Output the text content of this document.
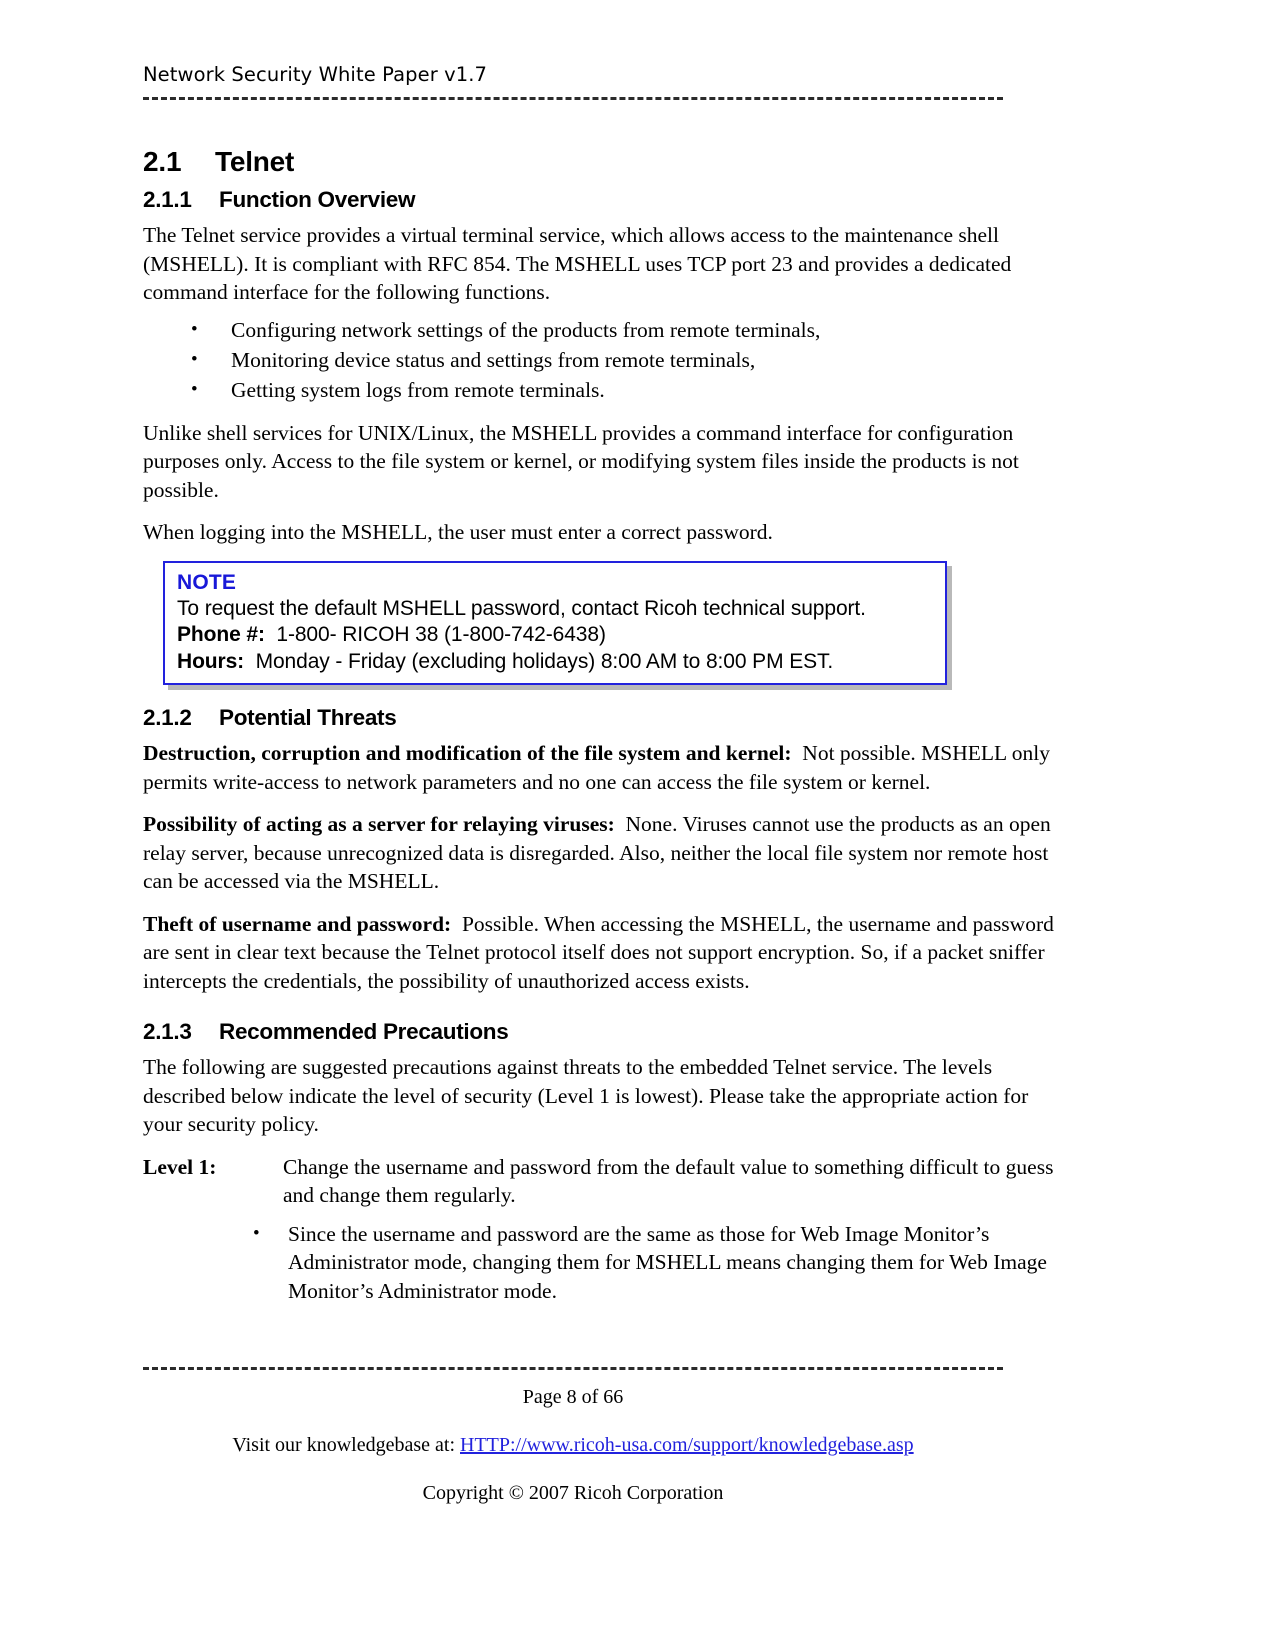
Network Security White Paper v1.7
2.1 Telnet
2.1.1 Function Overview

The Telnet service provides a virtual terminal service, which allows access to the maintenance shell (MSHELL). It is compliant with RFC 854. The MSHELL uses TCP port 23 and provides a dedicated command interface for the following functions.

• Configuring network settings of the products from remote terminals,
• Monitoring device status and settings from remote terminals,
• Getting system logs from remote terminals.

Unlike shell services for UNIX/Linux, the MSHELL provides a command interface for configuration purposes only. Access to the file system or kernel, or modifying system files inside the products is not possible.

When logging into the MSHELL, the user must enter a correct password.

NOTE
To request the default MSHELL password, contact Ricoh technical support.
Phone #: 1-800- RICOH 38 (1-800-742-6438)
Hours: Monday - Friday (excluding holidays) 8:00 AM to 8:00 PM EST.
2.1.2 Potential Threats

Destruction, corruption and modification of the file system and kernel: Not possible. MSHELL only permits write-access to network parameters and no one can access the file system or kernel.

Possibility of acting as a server for relaying viruses: None. Viruses cannot use the products as an open relay server, because unrecognized data is disregarded. Also, neither the local file system nor remote host can be accessed via the MSHELL.

Theft of username and password: Possible. When accessing the MSHELL, the username and password are sent in clear text because the Telnet protocol itself does not support encryption. So, if a packet sniffer intercepts the credentials, the possibility of unauthorized access exists.

2.1.3 Recommended Precautions

The following are suggested precautions against threats to the embedded Telnet service. The levels described below indicate the level of security (Level 1 is lowest). Please take the appropriate action for your security policy.

Level 1:	Change the username and password from the default value to something difficult to guess and change them regularly.
• Since the username and password are the same as those for Web Image Monitor’s Administrator mode, changing them for MSHELL means changing them for Web Image Monitor’s Administrator mode.
Page 8 of 66
Visit our knowledgebase at: HTTP://www.ricoh-usa.com/support/knowledgebase.asp
Copyright © 2007 Ricoh Corporation
